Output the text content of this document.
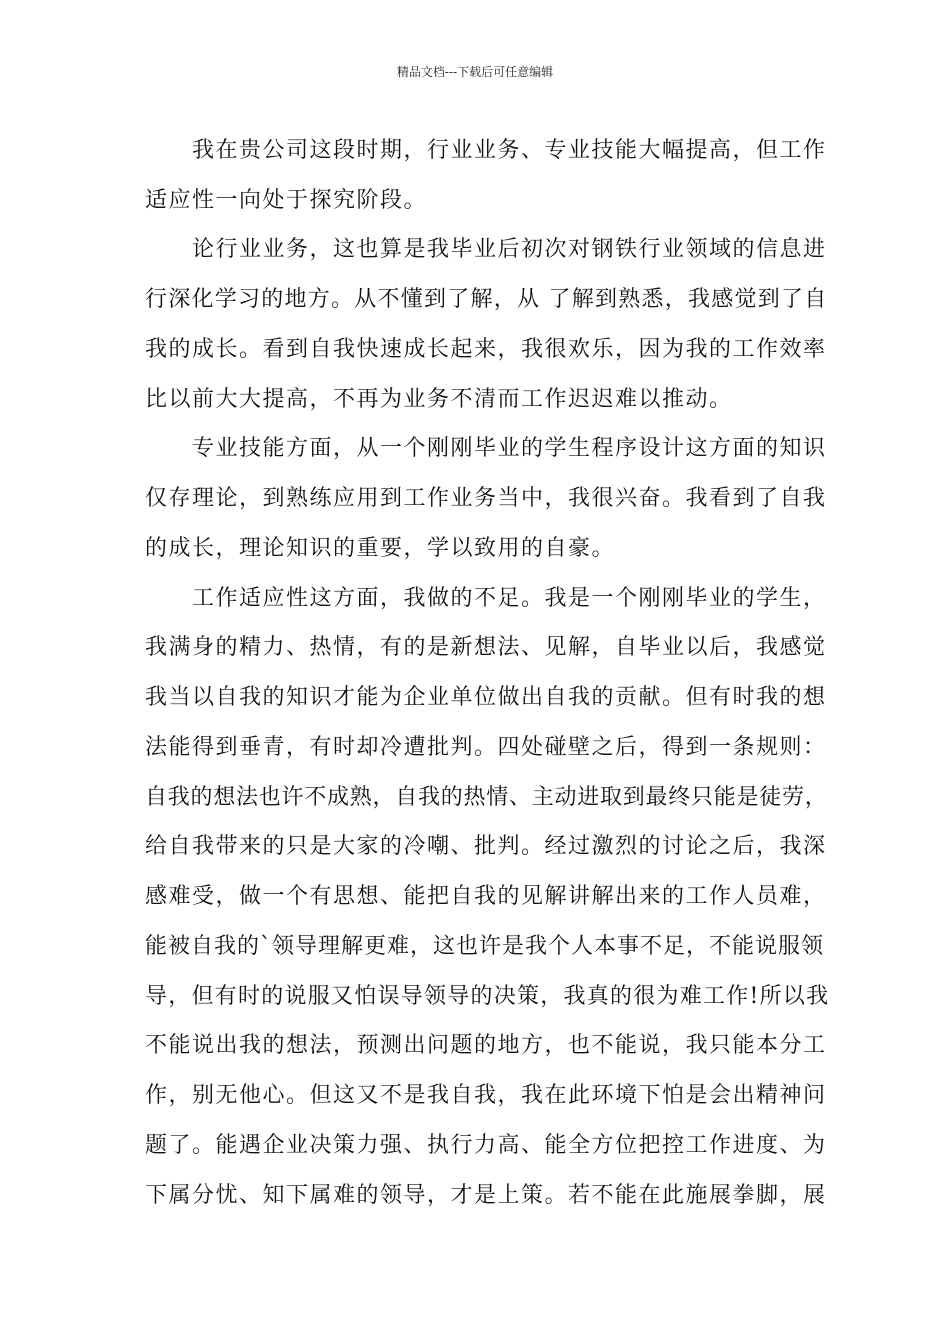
精品文档---下载后可任意编辑
我在贵公司这段时期，行业业务、专业技能大幅提高，但工作
适应性一向处于探究阶段。
论行业业务，这也算是我毕业后初次对钢铁行业领域的信息进
行深化学习的地方。从不懂到了解，从 了解到熟悉，我感觉到了自
我的成长。看到自我快速成长起来，我很欢乐，因为我的工作效率
比以前大大提高，不再为业务不清而工作迟迟难以推动。
专业技能方面，从一个刚刚毕业的学生程序设计这方面的知识
仅存理论，到熟练应用到工作业务当中，我很兴奋。我看到了自我
的成长，理论知识的重要，学以致用的自豪。
工作适应性这方面，我做的不足。我是一个刚刚毕业的学生，
我满身的精力、热情，有的是新想法、见解，自毕业以后，我感觉
我当以自我的知识才能为企业单位做出自我的贡献。但有时我的想
法能得到垂青，有时却冷遭批判。四处碰壁之后，得到一条规则：
自我的想法也许不成熟，自我的热情、主动进取到最终只能是徒劳，
给自我带来的只是大家的冷嘲、批判。经过激烈的讨论之后，我深
感难受，做一个有思想、能把自我的见解讲解出来的工作人员难，
能被自我的`领导理解更难，这也许是我个人本事不足，不能说服领
导，但有时的说服又怕误导领导的决策，我真的很为难工作!所以我
不能说出我的想法，预测出问题的地方，也不能说，我只能本分工
作，别无他心。但这又不是我自我，我在此环境下怕是会出精神问
题了。能遇企业决策力强、执行力高、能全方位把控工作进度、为
下属分忧、知下属难的领导，才是上策。若不能在此施展拳脚，展
